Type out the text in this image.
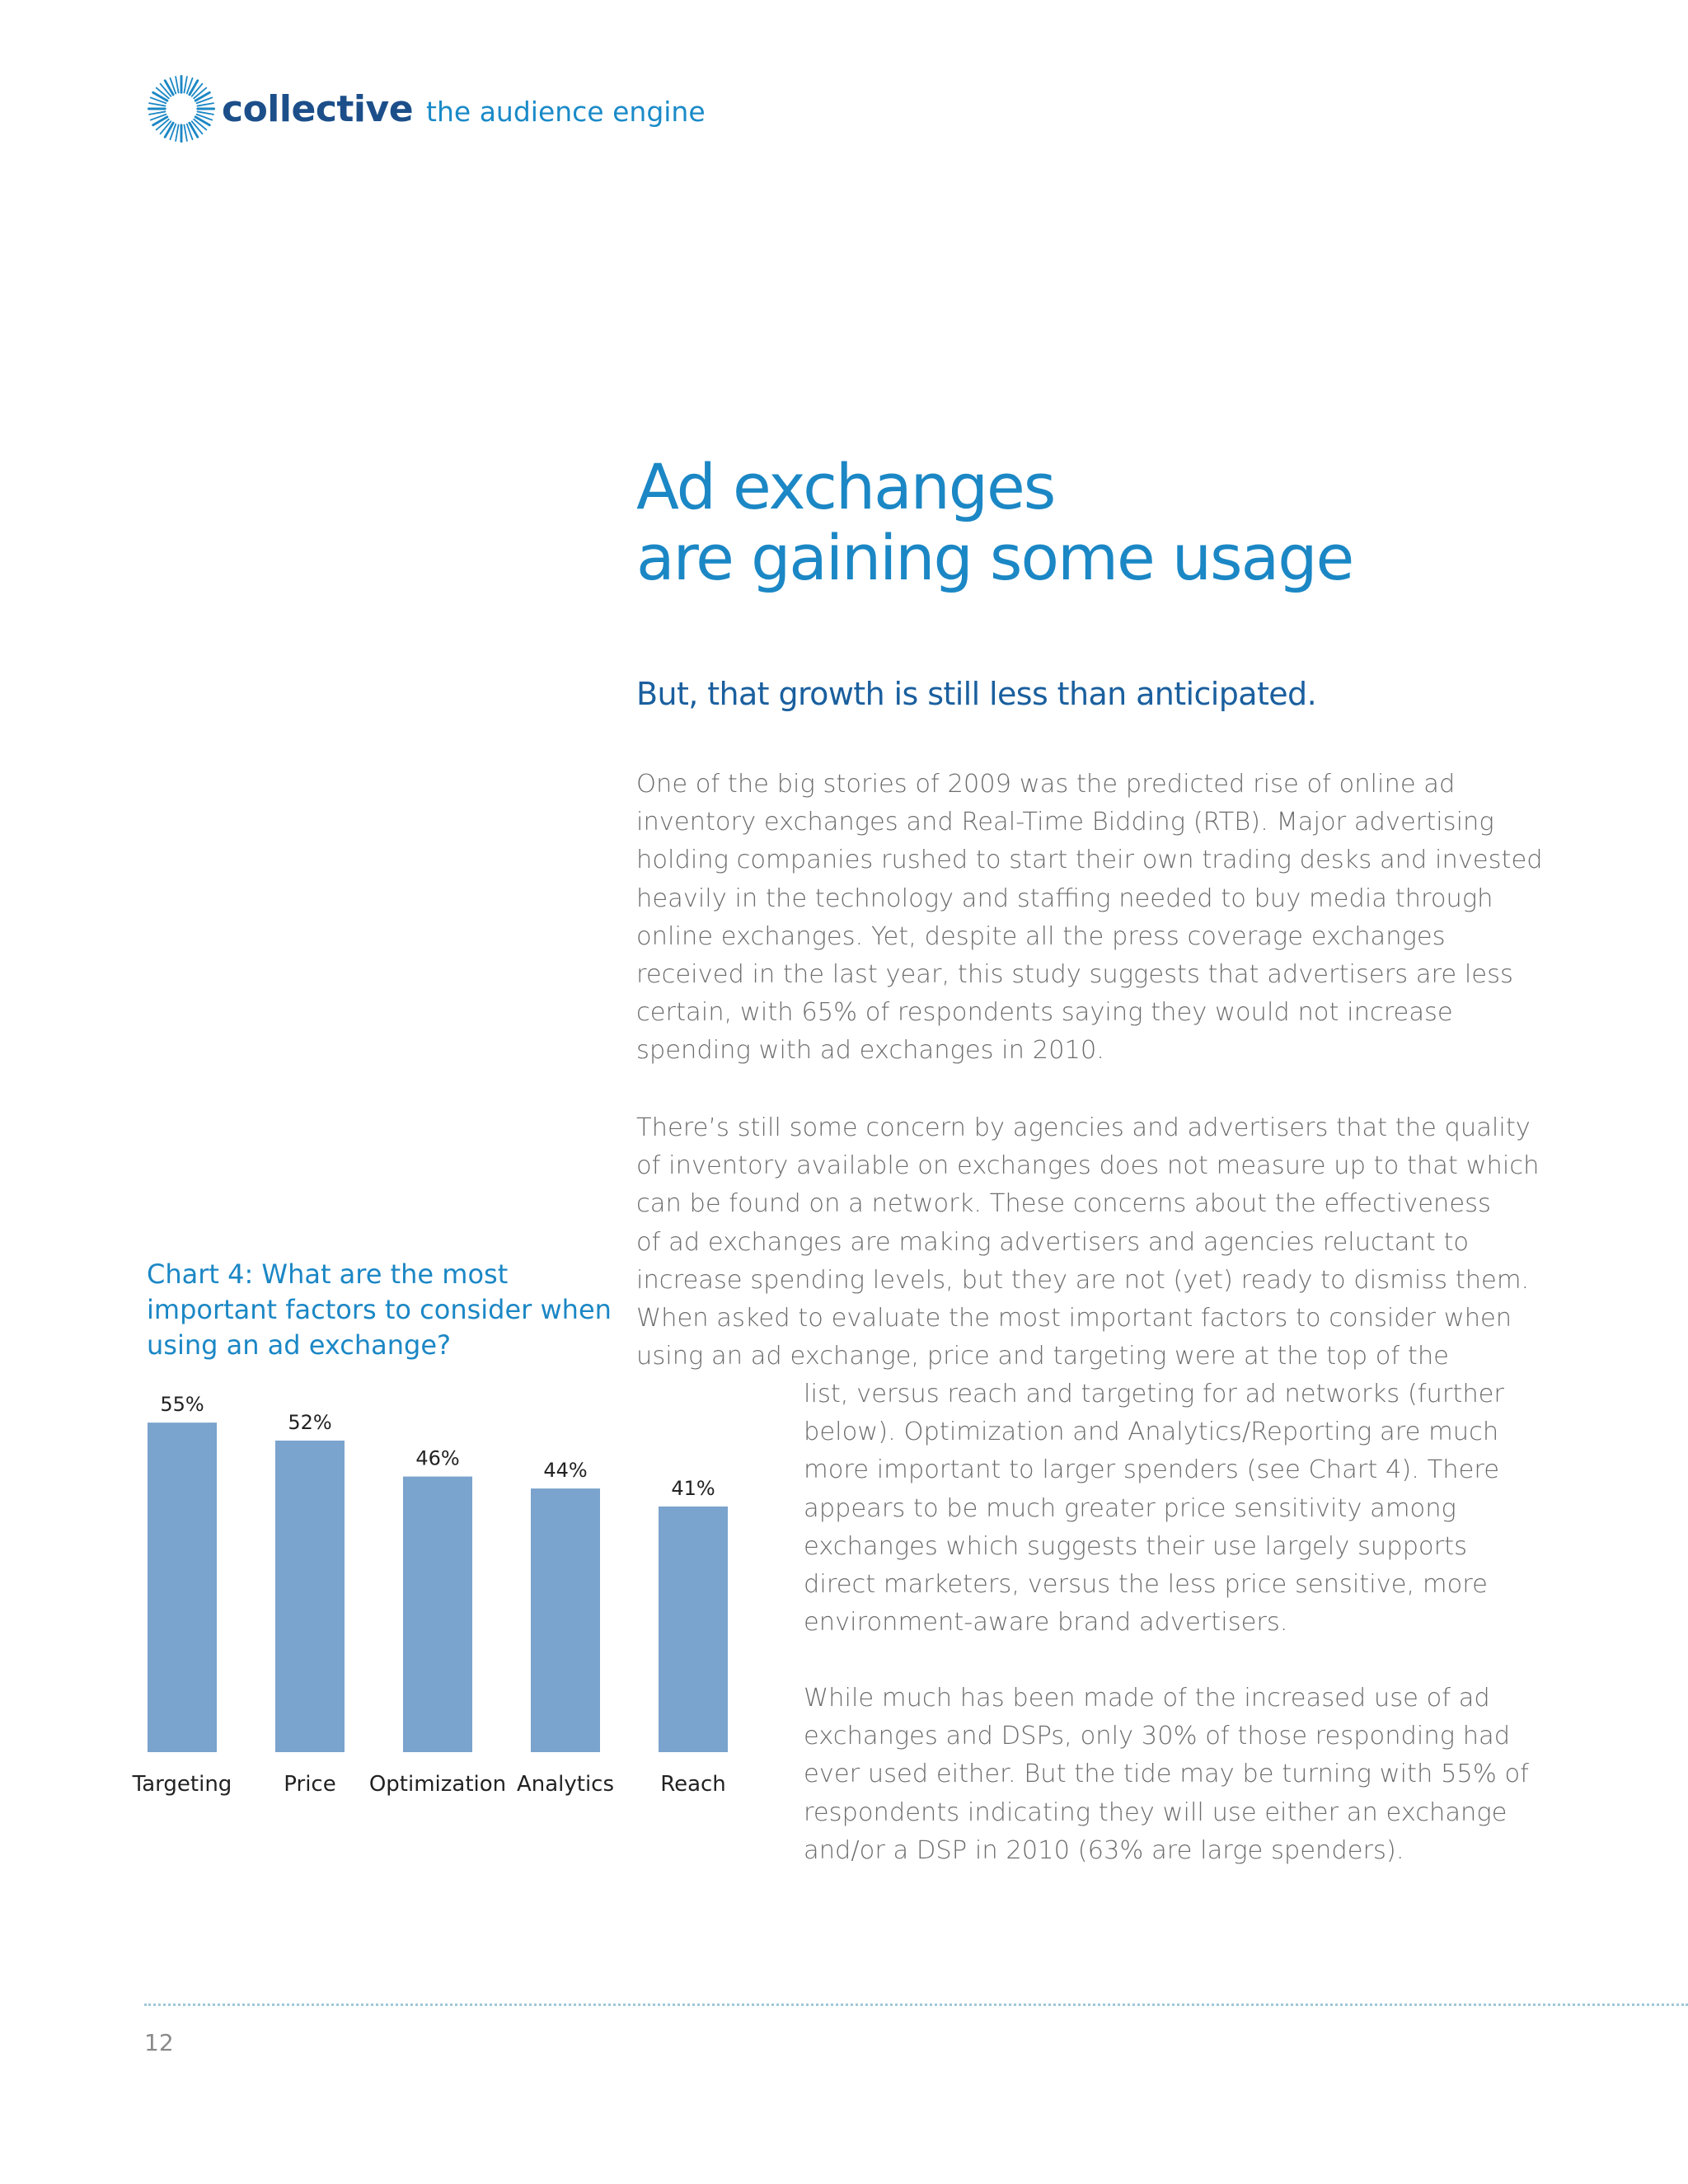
collective the audience engine
Ad exchanges
are gaining some usage
But, that growth is still less than anticipated.
One of the big stories of 2009 was the predicted rise of online ad
inventory exchanges and Real-Time Bidding (RTB). Major advertising
holding companies rushed to start their own trading desks and invested
heavily in the technology and staffing needed to buy media through
online exchanges. Yet, despite all the press coverage exchanges
received in the last year, this study suggests that advertisers are less
certain, with 65% of respondents saying they would not increase
spending with ad exchanges in 2010.
There’s still some concern by agencies and advertisers that the quality
of inventory available on exchanges does not measure up to that which
can be found on a network. These concerns about the effectiveness
of ad exchanges are making advertisers and agencies reluctant to
increase spending levels, but they are not (yet) ready to dismiss them.
When asked to evaluate the most important factors to consider when
using an ad exchange, price and targeting were at the top of the
list, versus reach and targeting for ad networks (further
below). Optimization and Analytics/Reporting are much
more important to larger spenders (see Chart 4). There
appears to be much greater price sensitivity among
exchanges which suggests their use largely supports
direct marketers, versus the less price sensitive, more
environment-aware brand advertisers.
While much has been made of the increased use of ad
exchanges and DSPs, only 30% of those responding had
ever used either. But the tide may be turning with 55% of
respondents indicating they will use either an exchange
and/or a DSP in 2010 (63% are large spenders).
Chart 4: What are the most
important factors to consider when
using an ad exchange?
55%
Targeting
52%
Price
46%
Optimization
44%
Analytics
41%
Reach
12
